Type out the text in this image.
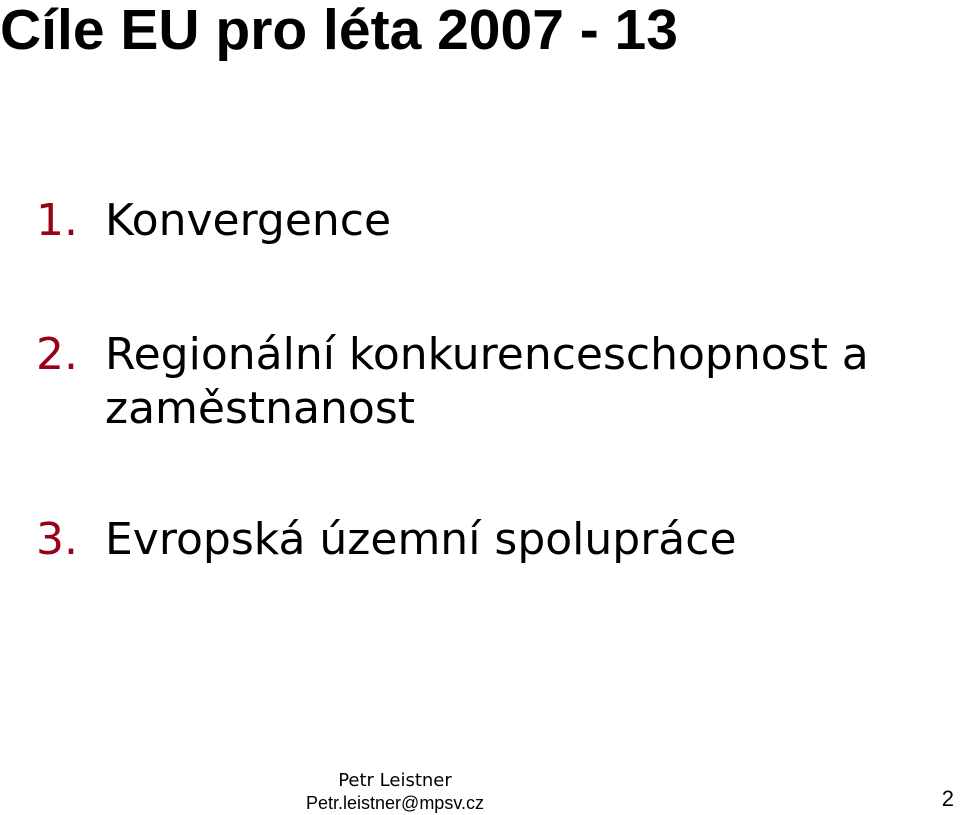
Cíle EU pro léta 2007 - 13
1. Konvergence
2. Regionální konkurenceschopnost a zaměstnanost
3. Evropská územní spolupráce
Petr Leistner
Petr.leistner@mpsv.cz	2
